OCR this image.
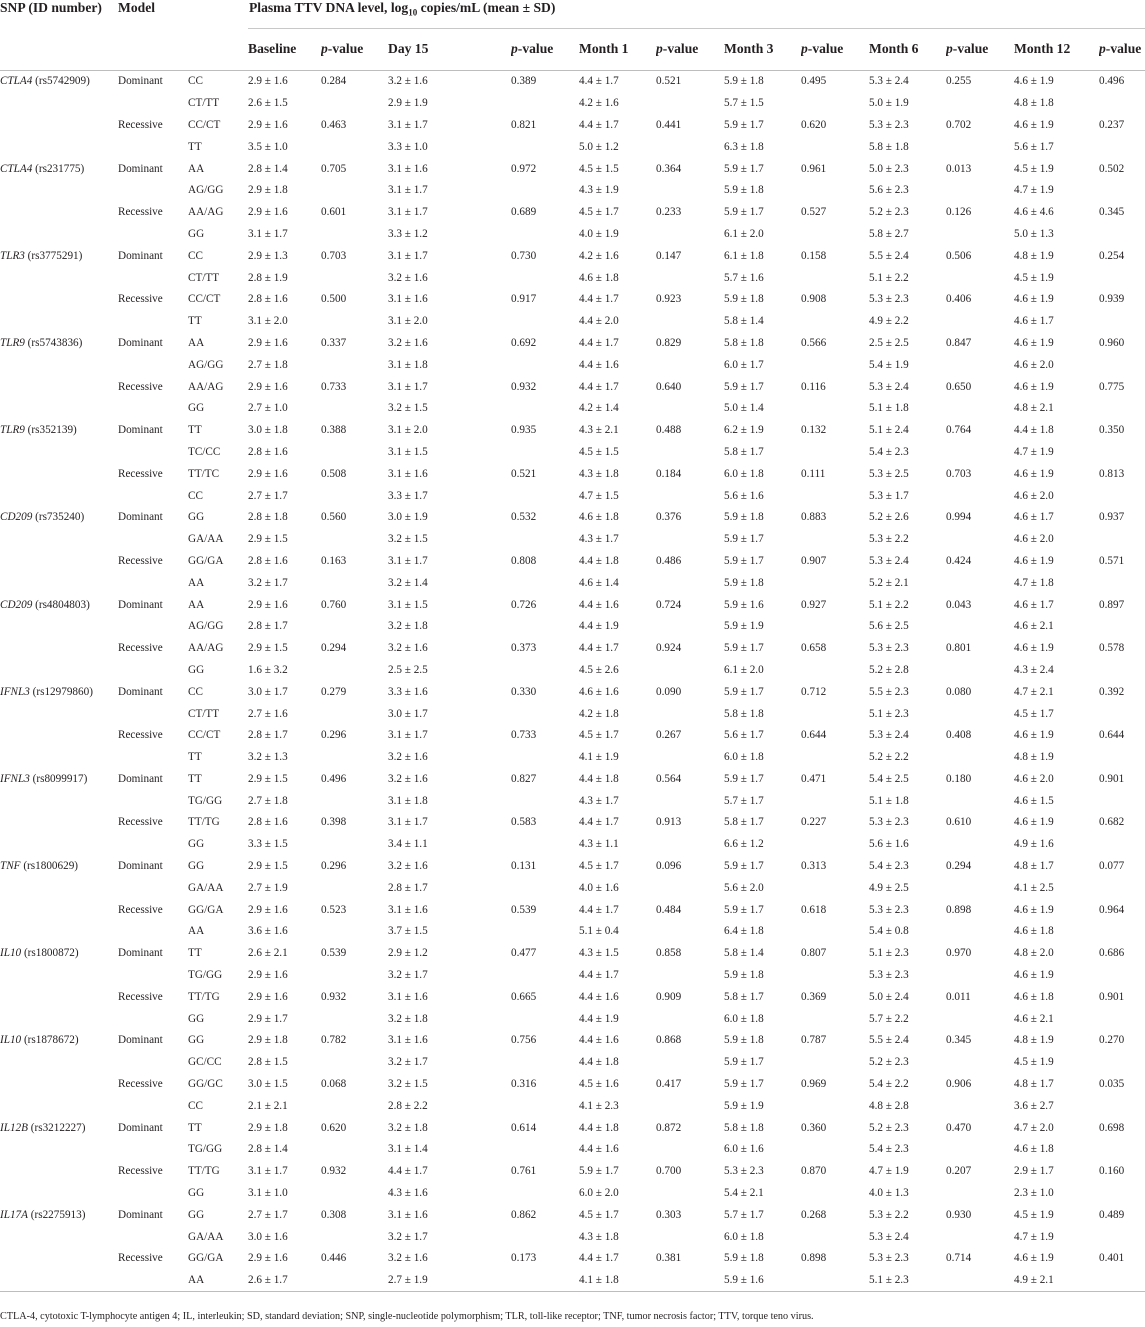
SNP (ID number)	Model		Plasma TTV DNA level, $\log_{10}$ copies/mL (mean ± SD)											
			Baseline	p-value	Day 15	p-value	Month 1	p-value	Month 3	p-value	Month 6	p-value	Month 12	p-value
CTLA4 (rs5742909)	Dominant	CC	2.9 ± 1.6	0.284	3.2 ± 1.6	0.389	4.4 ± 1.7	0.521	5.9 ± 1.8	0.495	5.3 ± 2.4	0.255	4.6 ± 1.9	0.496
		CT/TT	2.6 ± 1.5		2.9 ± 1.9		4.2 ± 1.6		5.7 ± 1.5		5.0 ± 1.9		4.8 ± 1.8	
	Recessive	CC/CT	2.9 ± 1.6	0.463	3.1 ± 1.7	0.821	4.4 ± 1.7	0.441	5.9 ± 1.7	0.620	5.3 ± 2.3	0.702	4.6 ± 1.9	0.237
		TT	3.5 ± 1.0		3.3 ± 1.0		5.0 ± 1.2		6.3 ± 1.8		5.8 ± 1.8		5.6 ± 1.7	
CTLA4 (rs231775)	Dominant	AA	2.8 ± 1.4	0.705	3.1 ± 1.6	0.972	4.5 ± 1.5	0.364	5.9 ± 1.7	0.961	5.0 ± 2.3	0.013	4.5 ± 1.9	0.502
		AG/GG	2.9 ± 1.8		3.1 ± 1.7		4.3 ± 1.9		5.9 ± 1.8		5.6 ± 2.3		4.7 ± 1.9	
	Recessive	AA/AG	2.9 ± 1.6	0.601	3.1 ± 1.7	0.689	4.5 ± 1.7	0.233	5.9 ± 1.7	0.527	5.2 ± 2.3	0.126	4.6 ± 4.6	0.345
		GG	3.1 ± 1.7		3.3 ± 1.2		4.0 ± 1.9		6.1 ± 2.0		5.8 ± 2.7		5.0 ± 1.3	
TLR3 (rs3775291)	Dominant	CC	2.9 ± 1.3	0.703	3.1 ± 1.7	0.730	4.2 ± 1.6	0.147	6.1 ± 1.8	0.158	5.5 ± 2.4	0.506	4.8 ± 1.9	0.254
		CT/TT	2.8 ± 1.9		3.2 ± 1.6		4.6 ± 1.8		5.7 ± 1.6		5.1 ± 2.2		4.5 ± 1.9	
	Recessive	CC/CT	2.8 ± 1.6	0.500	3.1 ± 1.6	0.917	4.4 ± 1.7	0.923	5.9 ± 1.8	0.908	5.3 ± 2.3	0.406	4.6 ± 1.9	0.939
		TT	3.1 ± 2.0		3.1 ± 2.0		4.4 ± 2.0		5.8 ± 1.4		4.9 ± 2.2		4.6 ± 1.7	
TLR9 (rs5743836)	Dominant	AA	2.9 ± 1.6	0.337	3.2 ± 1.6	0.692	4.4 ± 1.7	0.829	5.8 ± 1.8	0.566	2.5 ± 2.5	0.847	4.6 ± 1.9	0.960
		AG/GG	2.7 ± 1.8		3.1 ± 1.8		4.4 ± 1.6		6.0 ± 1.7		5.4 ± 1.9		4.6 ± 2.0	
	Recessive	AA/AG	2.9 ± 1.6	0.733	3.1 ± 1.7	0.932	4.4 ± 1.7	0.640	5.9 ± 1.7	0.116	5.3 ± 2.4	0.650	4.6 ± 1.9	0.775
		GG	2.7 ± 1.0		3.2 ± 1.5		4.2 ± 1.4		5.0 ± 1.4		5.1 ± 1.8		4.8 ± 2.1	
TLR9 (rs352139)	Dominant	TT	3.0 ± 1.8	0.388	3.1 ± 2.0	0.935	4.3 ± 2.1	0.488	6.2 ± 1.9	0.132	5.1 ± 2.4	0.764	4.4 ± 1.8	0.350
		TC/CC	2.8 ± 1.6		3.1 ± 1.5		4.5 ± 1.5		5.8 ± 1.7		5.4 ± 2.3		4.7 ± 1.9	
	Recessive	TT/TC	2.9 ± 1.6	0.508	3.1 ± 1.6	0.521	4.3 ± 1.8	0.184	6.0 ± 1.8	0.111	5.3 ± 2.5	0.703	4.6 ± 1.9	0.813
		CC	2.7 ± 1.7		3.3 ± 1.7		4.7 ± 1.5		5.6 ± 1.6		5.3 ± 1.7		4.6 ± 2.0	
CD209 (rs735240)	Dominant	GG	2.8 ± 1.8	0.560	3.0 ± 1.9	0.532	4.6 ± 1.8	0.376	5.9 ± 1.8	0.883	5.2 ± 2.6	0.994	4.6 ± 1.7	0.937
		GA/AA	2.9 ± 1.5		3.2 ± 1.5		4.3 ± 1.7		5.9 ± 1.7		5.3 ± 2.2		4.6 ± 2.0	
	Recessive	GG/GA	2.8 ± 1.6	0.163	3.1 ± 1.7	0.808	4.4 ± 1.8	0.486	5.9 ± 1.7	0.907	5.3 ± 2.4	0.424	4.6 ± 1.9	0.571
		AA	3.2 ± 1.7		3.2 ± 1.4		4.6 ± 1.4		5.9 ± 1.8		5.2 ± 2.1		4.7 ± 1.8	
CD209 (rs4804803)	Dominant	AA	2.9 ± 1.6	0.760	3.1 ± 1.5	0.726	4.4 ± 1.6	0.724	5.9 ± 1.6	0.927	5.1 ± 2.2	0.043	4.6 ± 1.7	0.897
		AG/GG	2.8 ± 1.7		3.2 ± 1.8		4.4 ± 1.9		5.9 ± 1.9		5.6 ± 2.5		4.6 ± 2.1	
	Recessive	AA/AG	2.9 ± 1.5	0.294	3.2 ± 1.6	0.373	4.4 ± 1.7	0.924	5.9 ± 1.7	0.658	5.3 ± 2.3	0.801	4.6 ± 1.9	0.578
		GG	1.6 ± 3.2		2.5 ± 2.5		4.5 ± 2.6		6.1 ± 2.0		5.2 ± 2.8		4.3 ± 2.4	
IFNL3 (rs12979860)	Dominant	CC	3.0 ± 1.7	0.279	3.3 ± 1.6	0.330	4.6 ± 1.6	0.090	5.9 ± 1.7	0.712	5.5 ± 2.3	0.080	4.7 ± 2.1	0.392
		CT/TT	2.7 ± 1.6		3.0 ± 1.7		4.2 ± 1.8		5.8 ± 1.8		5.1 ± 2.3		4.5 ± 1.7	
	Recessive	CC/CT	2.8 ± 1.7	0.296	3.1 ± 1.7	0.733	4.5 ± 1.7	0.267	5.6 ± 1.7	0.644	5.3 ± 2.4	0.408	4.6 ± 1.9	0.644
		TT	3.2 ± 1.3		3.2 ± 1.6		4.1 ± 1.9		6.0 ± 1.8		5.2 ± 2.2		4.8 ± 1.9	
IFNL3 (rs8099917)	Dominant	TT	2.9 ± 1.5	0.496	3.2 ± 1.6	0.827	4.4 ± 1.8	0.564	5.9 ± 1.7	0.471	5.4 ± 2.5	0.180	4.6 ± 2.0	0.901
		TG/GG	2.7 ± 1.8		3.1 ± 1.8		4.3 ± 1.7		5.7 ± 1.7		5.1 ± 1.8		4.6 ± 1.5	
	Recessive	TT/TG	2.8 ± 1.6	0.398	3.1 ± 1.7	0.583	4.4 ± 1.7	0.913	5.8 ± 1.7	0.227	5.3 ± 2.3	0.610	4.6 ± 1.9	0.682
		GG	3.3 ± 1.5		3.4 ± 1.1		4.3 ± 1.1		6.6 ± 1.2		5.6 ± 1.6		4.9 ± 1.6	
TNF (rs1800629)	Dominant	GG	2.9 ± 1.5	0.296	3.2 ± 1.6	0.131	4.5 ± 1.7	0.096	5.9 ± 1.7	0.313	5.4 ± 2.3	0.294	4.8 ± 1.7	0.077
		GA/AA	2.7 ± 1.9		2.8 ± 1.7		4.0 ± 1.6		5.6 ± 2.0		4.9 ± 2.5		4.1 ± 2.5	
	Recessive	GG/GA	2.9 ± 1.6	0.523	3.1 ± 1.6	0.539	4.4 ± 1.7	0.484	5.9 ± 1.7	0.618	5.3 ± 2.3	0.898	4.6 ± 1.9	0.964
		AA	3.6 ± 1.6		3.7 ± 1.5		5.1 ± 0.4		6.4 ± 1.8		5.4 ± 0.8		4.6 ± 1.8	
IL10 (rs1800872)	Dominant	TT	2.6 ± 2.1	0.539	2.9 ± 1.2	0.477	4.3 ± 1.5	0.858	5.8 ± 1.4	0.807	5.1 ± 2.3	0.970	4.8 ± 2.0	0.686
		TG/GG	2.9 ± 1.6		3.2 ± 1.7		4.4 ± 1.7		5.9 ± 1.8		5.3 ± 2.3		4.6 ± 1.9	
	Recessive	TT/TG	2.9 ± 1.6	0.932	3.1 ± 1.6	0.665	4.4 ± 1.6	0.909	5.8 ± 1.7	0.369	5.0 ± 2.4	0.011	4.6 ± 1.8	0.901
		GG	2.9 ± 1.7		3.2 ± 1.8		4.4 ± 1.9		6.0 ± 1.8		5.7 ± 2.2		4.6 ± 2.1	
IL10 (rs1878672)	Dominant	GG	2.9 ± 1.8	0.782	3.1 ± 1.6	0.756	4.4 ± 1.6	0.868	5.9 ± 1.8	0.787	5.5 ± 2.4	0.345	4.8 ± 1.9	0.270
		GC/CC	2.8 ± 1.5		3.2 ± 1.7		4.4 ± 1.8		5.9 ± 1.7		5.2 ± 2.3		4.5 ± 1.9	
	Recessive	GG/GC	3.0 ± 1.5	0.068	3.2 ± 1.5	0.316	4.5 ± 1.6	0.417	5.9 ± 1.7	0.969	5.4 ± 2.2	0.906	4.8 ± 1.7	0.035
		CC	2.1 ± 2.1		2.8 ± 2.2		4.1 ± 2.3		5.9 ± 1.9		4.8 ± 2.8		3.6 ± 2.7	
IL12B (rs3212227)	Dominant	TT	2.9 ± 1.8	0.620	3.2 ± 1.8	0.614	4.4 ± 1.8	0.872	5.8 ± 1.8	0.360	5.2 ± 2.3	0.470	4.7 ± 2.0	0.698
		TG/GG	2.8 ± 1.4		3.1 ± 1.4		4.4 ± 1.6		6.0 ± 1.6		5.4 ± 2.3		4.6 ± 1.8	
	Recessive	TT/TG	3.1 ± 1.7	0.932	4.4 ± 1.7	0.761	5.9 ± 1.7	0.700	5.3 ± 2.3	0.870	4.7 ± 1.9	0.207	2.9 ± 1.7	0.160
		GG	3.1 ± 1.0		4.3 ± 1.6		6.0 ± 2.0		5.4 ± 2.1		4.0 ± 1.3		2.3 ± 1.0	
IL17A (rs2275913)	Dominant	GG	2.7 ± 1.7	0.308	3.1 ± 1.6	0.862	4.5 ± 1.7	0.303	5.7 ± 1.7	0.268	5.3 ± 2.2	0.930	4.5 ± 1.9	0.489
		GA/AA	3.0 ± 1.6		3.2 ± 1.7		4.3 ± 1.8		6.0 ± 1.8		5.3 ± 2.4		4.7 ± 1.9	
	Recessive	GG/GA	2.9 ± 1.6	0.446	3.2 ± 1.6	0.173	4.4 ± 1.7	0.381	5.9 ± 1.8	0.898	5.3 ± 2.3	0.714	4.6 ± 1.9	0.401
		AA	2.6 ± 1.7		2.7 ± 1.9		4.1 ± 1.8		5.9 ± 1.6		5.1 ± 2.3		4.9 ± 2.1	
CTLA-4, cytotoxic T-lymphocyte antigen 4; IL, interleukin; SD, standard deviation; SNP, single-nucleotide polymorphism; TLR, toll-like receptor; TNF, tumor necrosis factor; TTV, torque teno virus.
